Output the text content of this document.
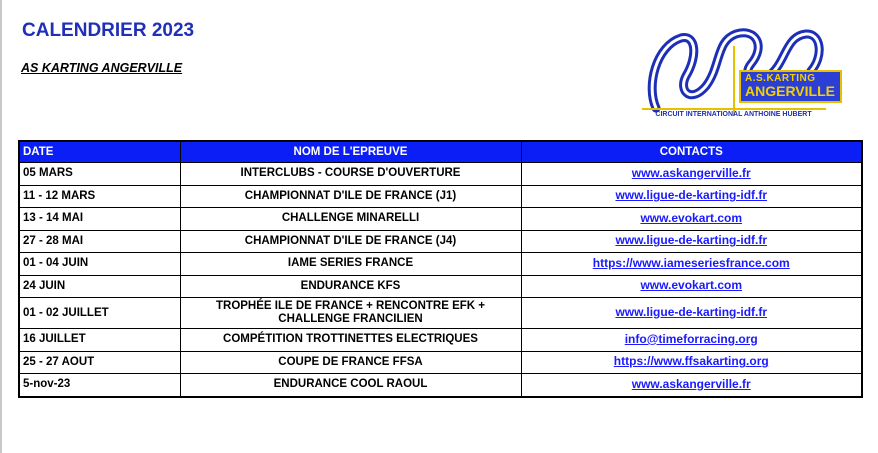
CALENDRIER 2023
AS KARTING ANGERVILLE
A.S.KARTING
ANGERVILLE
CIRCUIT INTERNATIONAL ANTHOINE HUBERT
DATE	NOM DE L'EPREUVE	CONTACTS
05 MARS	INTERCLUBS - COURSE D'OUVERTURE	www.askangerville.fr
11 - 12 MARS	CHAMPIONNAT D'ILE DE FRANCE (J1)	www.ligue-de-karting-idf.fr
13 - 14 MAI	CHALLENGE MINARELLI	www.evokart.com
27 - 28 MAI	CHAMPIONNAT D'ILE DE FRANCE (J4)	www.ligue-de-karting-idf.fr
01 - 04 JUIN	IAME SERIES FRANCE	https://www.iameseriesfrance.com
24 JUIN	ENDURANCE KFS	www.evokart.com
01 - 02 JUILLET	TROPHÉE ILE DE FRANCE + RENCONTRE EFK +
CHALLENGE FRANCILIEN	www.ligue-de-karting-idf.fr
16 JUILLET	COMPÉTITION TROTTINETTES ELECTRIQUES	info@timeforracing.org
25 - 27 AOUT	COUPE DE FRANCE FFSA	https://www.ffsakarting.org
5-nov-23	ENDURANCE COOL RAOUL	www.askangerville.fr
